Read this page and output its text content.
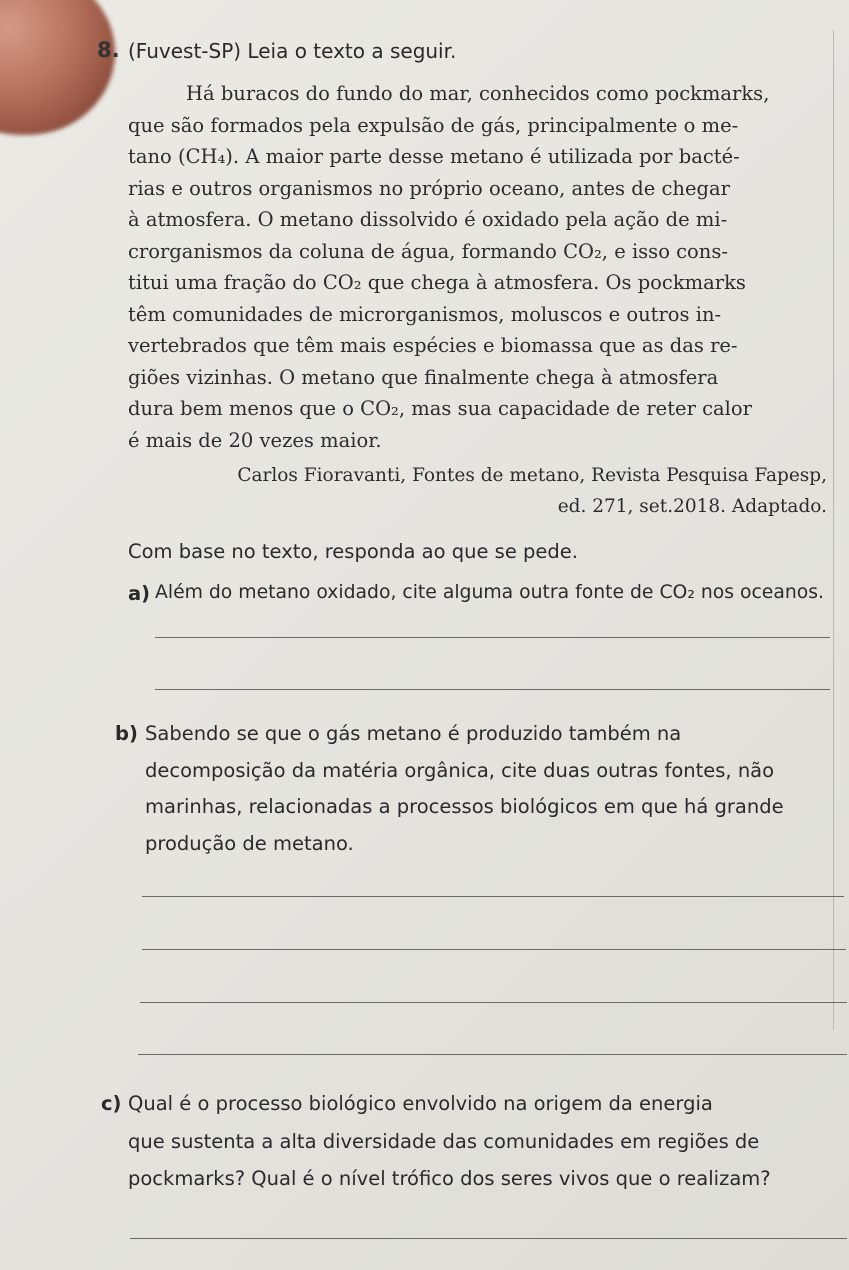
8. (Fuvest-SP) Leia o texto a seguir.
Há buracos do fundo do mar, conhecidos como pockmarks,
que são formados pela expulsão de gás, principalmente o me-
tano (CH₄). A maior parte desse metano é utilizada por bacté-
rias e outros organismos no próprio oceano, antes de chegar
à atmosfera. O metano dissolvido é oxidado pela ação de mi-
crorganismos da coluna de água, formando CO₂, e isso cons-
titui uma fração do CO₂ que chega à atmosfera. Os pockmarks
têm comunidades de microrganismos, moluscos e outros in-
vertebrados que têm mais espécies e biomassa que as das re-
giões vizinhas. O metano que finalmente chega à atmosfera
dura bem menos que o CO₂, mas sua capacidade de reter calor
é mais de 20 vezes maior.
Carlos Fioravanti, Fontes de metano, Revista Pesquisa Fapesp,
ed. 271, set.2018. Adaptado.
Com base no texto, responda ao que se pede.
a) Além do metano oxidado, cite alguma outra fonte de CO₂ nos oceanos.
b) Sabendo se que o gás metano é produzido também na
decomposição da matéria orgânica, cite duas outras fontes, não
marinhas, relacionadas a processos biológicos em que há grande
produção de metano.
c) Qual é o processo biológico envolvido na origem da energia
que sustenta a alta diversidade das comunidades em regiões de
pockmarks? Qual é o nível trófico dos seres vivos que o realizam?
